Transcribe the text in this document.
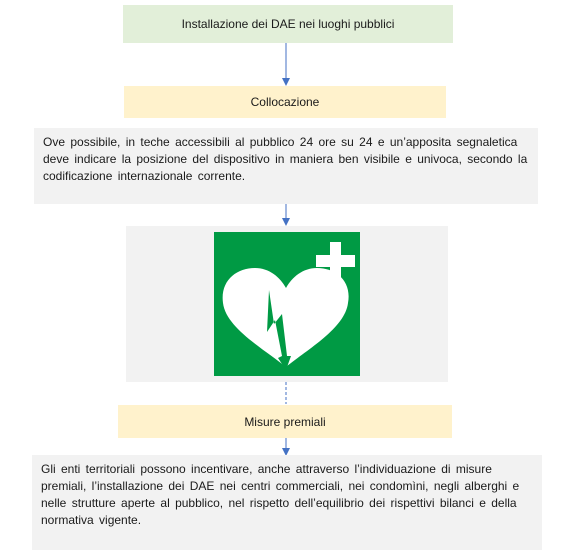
Installazione dei DAE nei luoghi pubblici
Collocazione
Ove possibile, in teche accessibili al pubblico 24 ore su 24 e un’apposita segnaletica deve indicare la posizione del dispositivo in maniera ben visibile e univoca, secondo la codificazione internazionale corrente.
Misure premiali
Gli enti territoriali possono incentivare, anche attraverso l’individuazione di misure premiali, l’installazione dei DAE nei centri commerciali, nei condomìni, negli alberghi e nelle strutture aperte al pubblico, nel rispetto dell’equilibrio dei rispettivi bilanci e della normativa vigente.
